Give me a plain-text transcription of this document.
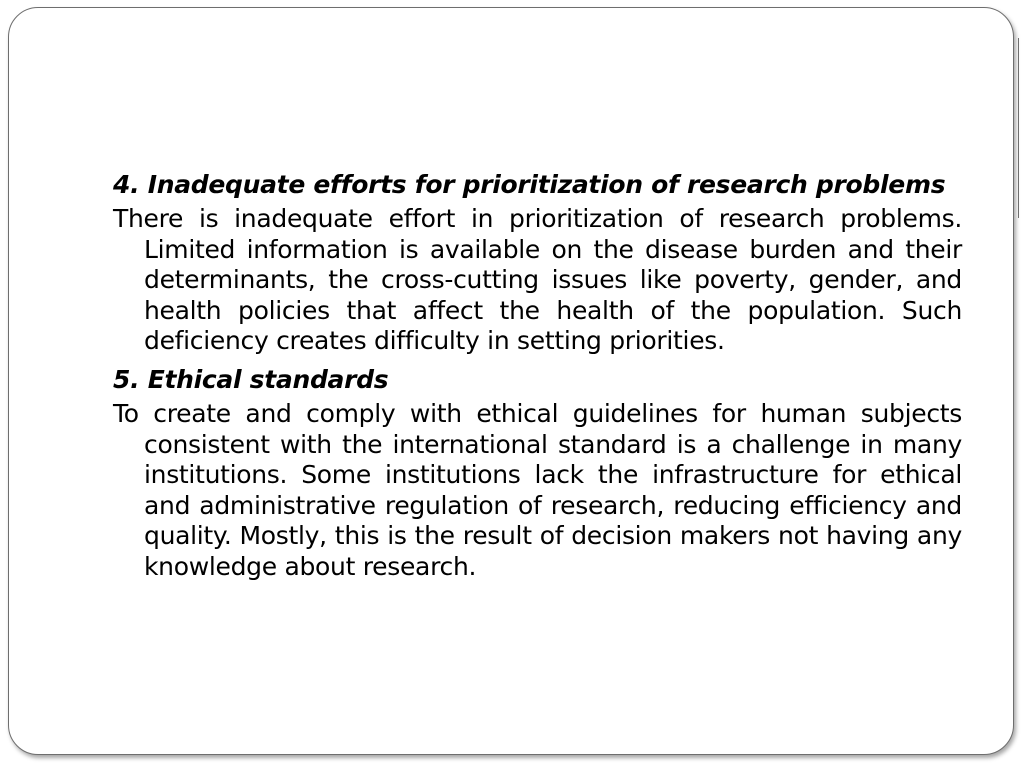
4. Inadequate efforts for prioritization of research problems

There is inadequate effort in prioritization of research problems. Limited information is available on the disease burden and their determinants, the cross-cutting issues like poverty, gender, and health policies that affect the health of the population. Such deficiency creates difficulty in setting priorities.

5. Ethical standards

To create and comply with ethical guidelines for human subjects consistent with the international standard is a challenge in many institutions. Some institutions lack the infrastructure for ethical and administrative regulation of research, reducing efficiency and quality. Mostly, this is the result of decision makers not having any knowledge about research.
